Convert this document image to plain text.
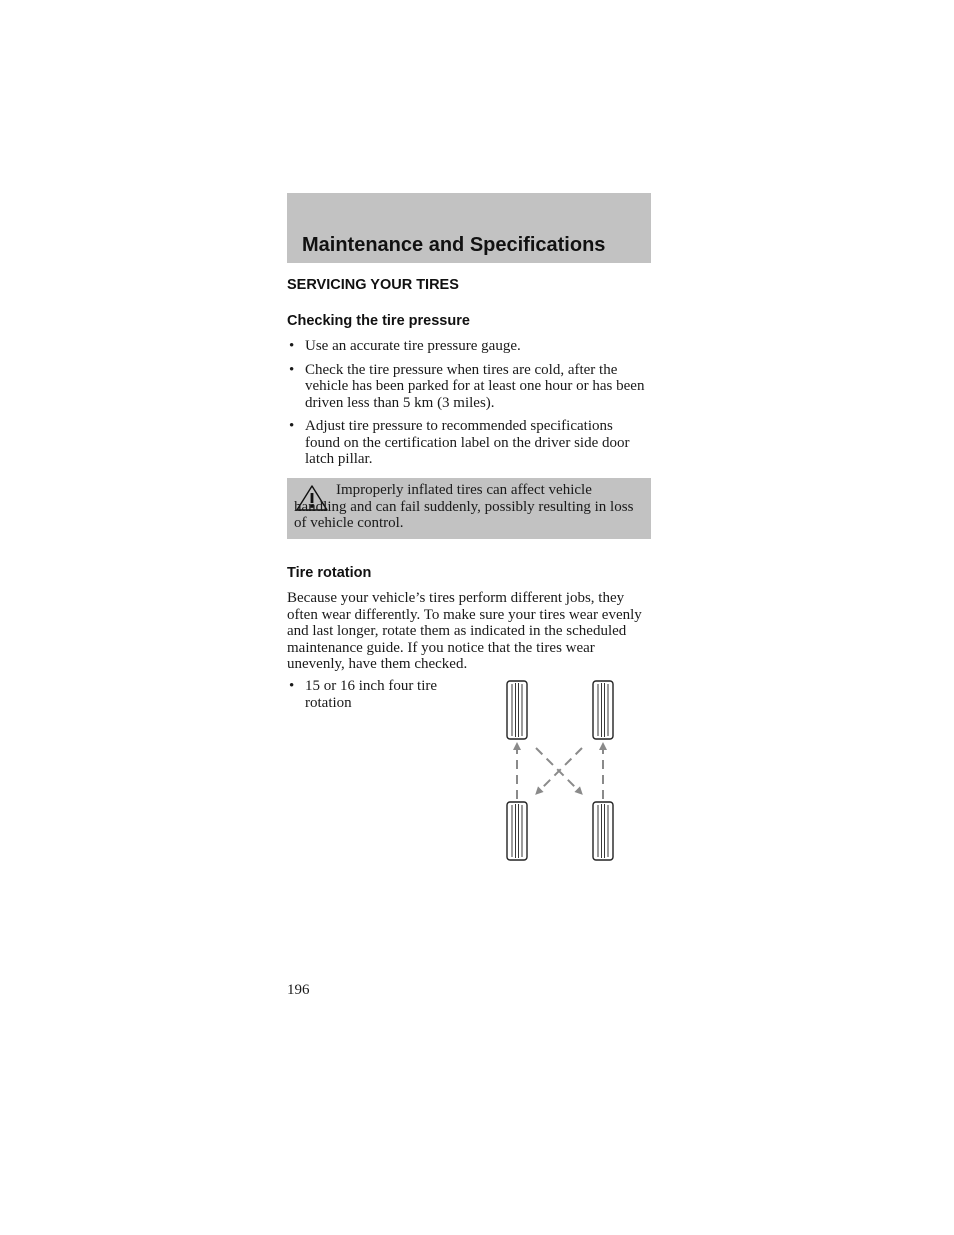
Maintenance and Specifications
SERVICING YOUR TIRES
Checking the tire pressure
• Use an accurate tire pressure gauge.
• Check the tire pressure when tires are cold, after the vehicle has been parked for at least one hour or has been driven less than 5 km (3 miles).
• Adjust tire pressure to recommended specifications found on the certification label on the driver side door latch pillar.
Improperly inflated tires can affect vehicle handling and can fail suddenly, possibly resulting in loss of vehicle control.
Tire rotation

Because your vehicle’s tires perform different jobs, they often wear differently. To make sure your tires wear evenly and last longer, rotate them as indicated in the scheduled maintenance guide. If you notice that the tires wear unevenly, have them checked.

• 15 or 16 inch four tire rotation
196
